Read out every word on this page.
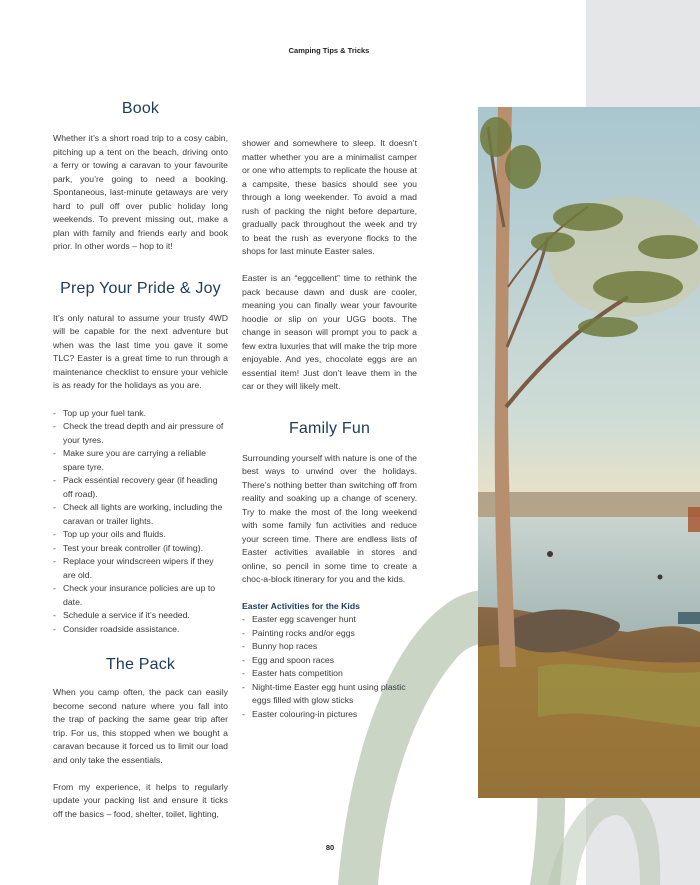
Camping Tips & Tricks
Book

Whether it’s a short road trip to a cosy cabin, pitching up a tent on the beach, driving onto a ferry or towing a caravan to your favourite park, you’re going to need a booking. Spontaneous, last-minute getaways are very hard to pull off over public holiday long weekends. To prevent missing out, make a plan with family and friends early and book prior. In other words – hop to it!

Prep Your Pride & Joy

It’s only natural to assume your trusty 4WD will be capable for the next adventure but when was the last time you gave it some TLC? Easter is a great time to run through a maintenance checklist to ensure your vehicle is as ready for the holidays as you are.

- Top up your fuel tank.
- Check the tread depth and air pressure of your tyres.
- Make sure you are carrying a reliable spare tyre.
- Pack essential recovery gear (if heading off road).
- Check all lights are working, including the caravan or trailer lights.
- Top up your oils and fluids.
- Test your break controller (if towing).
- Replace your windscreen wipers if they are old.
- Check your insurance policies are up to date.
- Schedule a service if it’s needed.
- Consider roadside assistance.
The Pack

When you camp often, the pack can easily become second nature where you fall into the trap of packing the same gear trip after trip. For us, this stopped when we bought a caravan because it forced us to limit our load and only take the essentials.

From my experience, it helps to regularly update your packing list and ensure it ticks off the basics – food, shelter, toilet, lighting,

shower and somewhere to sleep. It doesn’t matter whether you are a minimalist camper or one who attempts to replicate the house at a campsite, these basics should see you through a long weekender. To avoid a mad rush of packing the night before departure, gradually pack throughout the week and try to beat the rush as everyone flocks to the shops for last minute Easter sales.

Easter is an “eggcellent” time to rethink the pack because dawn and dusk are cooler, meaning you can finally wear your favourite hoodie or slip on your UGG boots. The change in season will prompt you to pack a few extra luxuries that will make the trip more enjoyable. And yes, chocolate eggs are an essential item! Just don’t leave them in the car or they will likely melt.

Family Fun

Surrounding yourself with nature is one of the best ways to unwind over the holidays. There’s nothing better than switching off from reality and soaking up a change of scenery. Try to make the most of the long weekend with some family fun activities and reduce your screen time. There are endless lists of Easter activities available in stores and online, so pencil in some time to create a choc-a-block itinerary for you and the kids.

Easter Activities for the Kids
- Easter egg scavenger hunt
- Painting rocks and/or eggs
- Bunny hop races
- Egg and spoon races
- Easter hats competition
- Night-time Easter egg hunt using plastic eggs filled with glow sticks
- Easter colouring-in pictures
80
